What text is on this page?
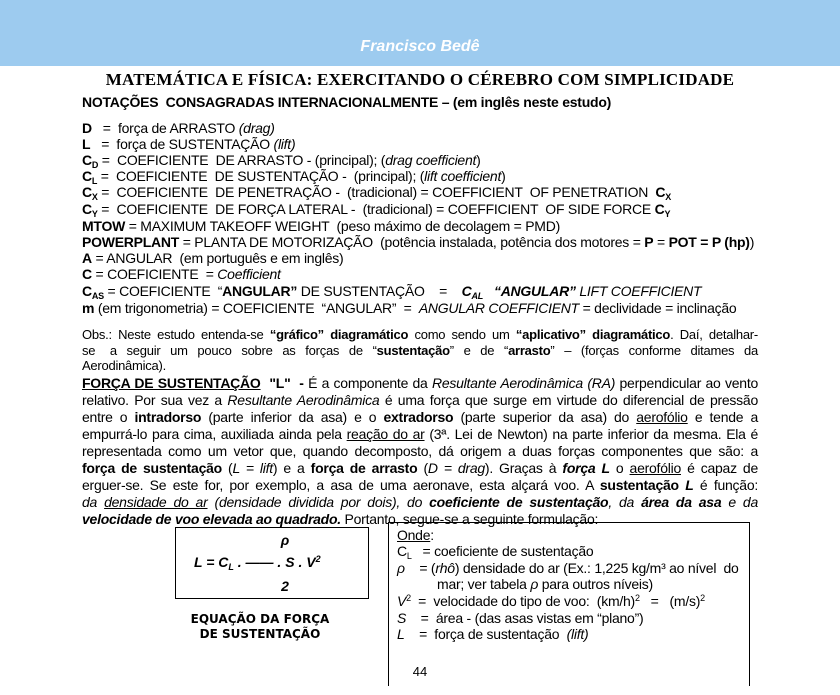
Francisco Bedê
MATEMÁTICA E FÍSICA: EXERCITANDO O CÉREBRO COM SIMPLICIDADE
NOTAÇÕES  CONSAGRADAS INTERNACIONALMENTE – (em inglês neste estudo)
D   =  força de ARRASTO (drag)
L   =  força de SUSTENTAÇÃO (lift)
$C_D$ =  COEFICIENTE  DE ARRASTO - (principal); (drag coefficient)
$C_L$ =  COEFICIENTE  DE SUSTENTAÇÃO -  (principal); (lift coefficient)
$C_X$ =  COEFICIENTE  DE PENETRAÇÃO -  (tradicional) = COEFFICIENT  OF PENETRATION  $C_X$
$C_Y$ =  COEFICIENTE  DE FORÇA LATERAL -  (tradicional) = COEFFICIENT  OF SIDE FORCE $C_Y$
MTOW = MAXIMUM TAKEOFF WEIGHT  (peso máximo de decolagem = PMD)
POWERPLANT = PLANTA DE MOTORIZAÇÃO  (potência instalada, potência dos motores = P = POT = P (hp))
A = ANGULAR  (em português e em inglês)
C = COEFICIENTE  = Coefficient
$C_{AS}$ = COEFICIENTE  “ANGULAR” DE SUSTENTAÇÃO    =    $C_{AL}$   “ANGULAR” LIFT COEFFICIENT
m (em trigonometria) = COEFICIENTE  “ANGULAR”  =  ANGULAR COEFFICIENT = declividade = inclinação
Obs.: Neste estudo entenda-se “gráfico” diagramático como sendo um “aplicativo” diagramático. Daí, detalhar-
se   a  seguir  um  pouco  sobre  as  forças  de  “sustentação”  e  de  “arrasto”  –  (forças  conforme  ditames  da
Aerodinâmica).
FORÇA DE SUSTENTAÇÃO "L"  - É a componente da Resultante Aerodinâmica (RA) perpendicular ao vento
relativo. Por sua vez a Resultante Aerodinâmica é uma força que surge em virtude do diferencial de pressão
entre o intradorso (parte inferior da asa) e o extradorso (parte superior da asa) do aerofólio e tende a
empurrá-lo para cima, auxiliada ainda pela reação do ar (3ª. Lei de Newton) na parte inferior da mesma. Ela é
representada como um vetor que, quando decomposto, dá origem a duas forças componentes que são: a
força de sustentação (L = lift) e a força de arrasto (D = drag). Graças à força L o aerofólio é capaz de
erguer-se. Se este for, por exemplo, a asa de uma aeronave, esta alçará voo. A sustentação L é função:
da densidade do ar (densidade dividida por dois), do coeficiente de sustentação, da área da asa e da
velocidade de voo elevada ao quadrado. Portanto, segue-se a seguinte formulação:
ρ
$L = C_L$ . —— . S . $V^2$
2
EQUAÇÃO DA FORÇA
DE SUSTENTAÇÃO
Onde:
$C_L$   = coeficiente de sustentação
ρ    = (rhô) densidade do ar (Ex.: 1,225 kg/m³ ao nível  do
mar; ver tabela ρ para outros níveis)
$V^2$  =  velocidade do tipo de voo:  $(km/h)^2 = (m/s)^2$
S    =  área - (das asas vistas em “plano”)
L    =  força de sustentação  (lift)
44
